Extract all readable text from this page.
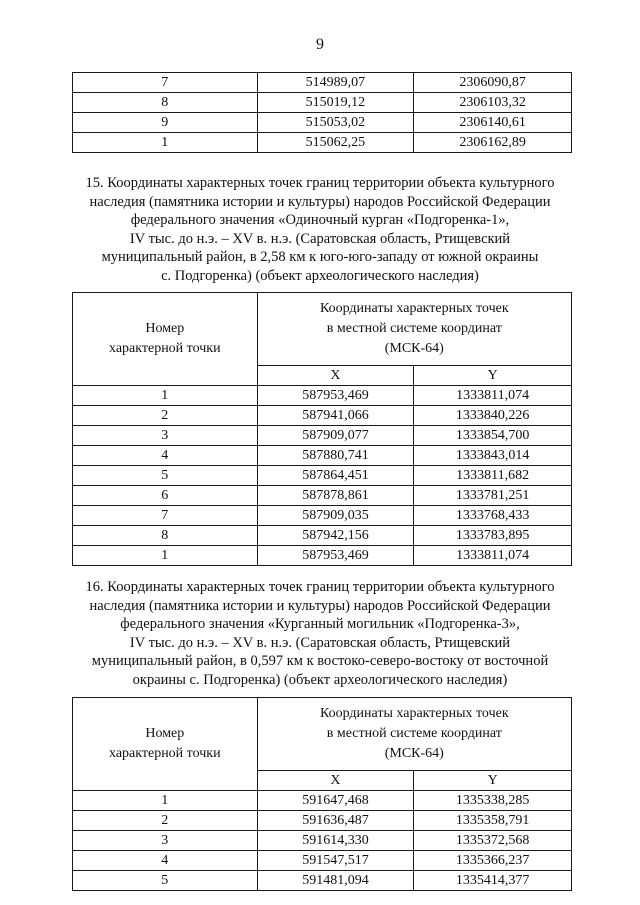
9
7	514989,07	2306090,87
8	515019,12	2306103,32
9	515053,02	2306140,61
1	515062,25	2306162,89
15. Координаты характерных точек границ территории объекта культурного
наследия (памятника истории и культуры) народов Российской Федерации
федерального значения «Одиночный курган «Подгоренка-1»,
IV тыс. до н.э. – XV в. н.э. (Саратовская область, Ртищевский
муниципальный район, в 2,58 км к юго-юго-западу от южной окраины
с. Подгоренка) (объект археологического наследия)
Номер
характерной точки	Координаты характерных точек
в местной системе координат
(МСК-64)	
	X	Y
1	587953,469	1333811,074
2	587941,066	1333840,226
3	587909,077	1333854,700
4	587880,741	1333843,014
5	587864,451	1333811,682
6	587878,861	1333781,251
7	587909,035	1333768,433
8	587942,156	1333783,895
1	587953,469	1333811,074
16. Координаты характерных точек границ территории объекта культурного
наследия (памятника истории и культуры) народов Российской Федерации
федерального значения «Курганный могильник «Подгоренка-3»,
IV тыс. до н.э. – XV в. н.э. (Саратовская область, Ртищевский
муниципальный район, в 0,597 км к востоко-северо-востоку от восточной
окраины с. Подгоренка) (объект археологического наследия)
Номер
характерной точки	Координаты характерных точек
в местной системе координат
(МСК-64)	
	X	Y
1	591647,468	1335338,285
2	591636,487	1335358,791
3	591614,330	1335372,568
4	591547,517	1335366,237
5	591481,094	1335414,377
